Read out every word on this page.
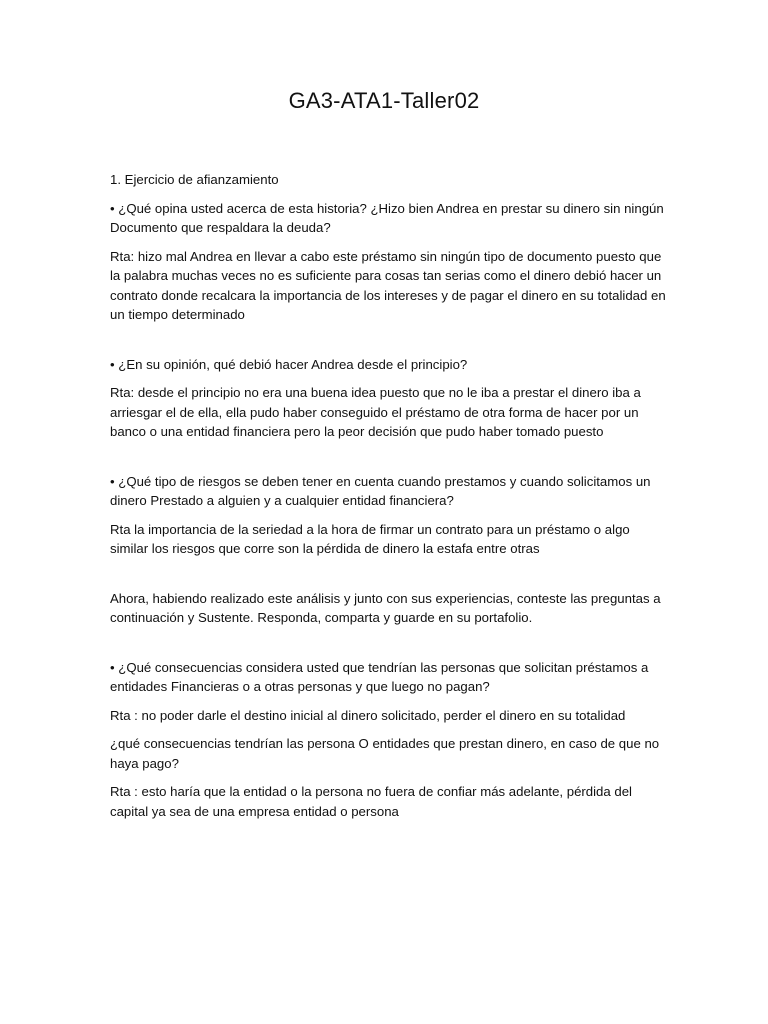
GA3-ATA1-Taller02

1. Ejercicio de afianzamiento

• ¿Qué opina usted acerca de esta historia? ¿Hizo bien Andrea en prestar su dinero sin ningún Documento que respaldara la deuda?

Rta: hizo mal Andrea en llevar a cabo este préstamo sin ningún tipo de documento puesto que la palabra muchas veces no es suficiente para cosas tan serias como el dinero debió hacer un contrato donde recalcara la importancia de los intereses y de pagar el dinero en su totalidad en un tiempo determinado

• ¿En su opinión, qué debió hacer Andrea desde el principio?

Rta: desde el principio no era una buena idea puesto que no le iba a prestar el dinero iba a arriesgar el de ella, ella pudo haber conseguido el préstamo de otra forma de hacer por un banco o una entidad financiera pero la peor decisión que pudo haber tomado puesto

• ¿Qué tipo de riesgos se deben tener en cuenta cuando prestamos y cuando solicitamos un dinero Prestado a alguien y a cualquier entidad financiera?

Rta la importancia de la seriedad a la hora de firmar un contrato para un préstamo o algo similar los riesgos que corre son la pérdida de dinero la estafa entre otras

Ahora, habiendo realizado este análisis y junto con sus experiencias, conteste las preguntas a continuación y Sustente. Responda, comparta y guarde en su portafolio.

• ¿Qué consecuencias considera usted que tendrían las personas que solicitan préstamos a entidades Financieras o a otras personas y que luego no pagan?

Rta : no poder darle el destino inicial al dinero solicitado, perder el dinero en su totalidad

¿qué consecuencias tendrían las persona O entidades que prestan dinero, en caso de que no haya pago?

Rta : esto haría que la entidad o la persona no fuera de confiar más adelante, pérdida del capital ya sea de una empresa entidad o persona
